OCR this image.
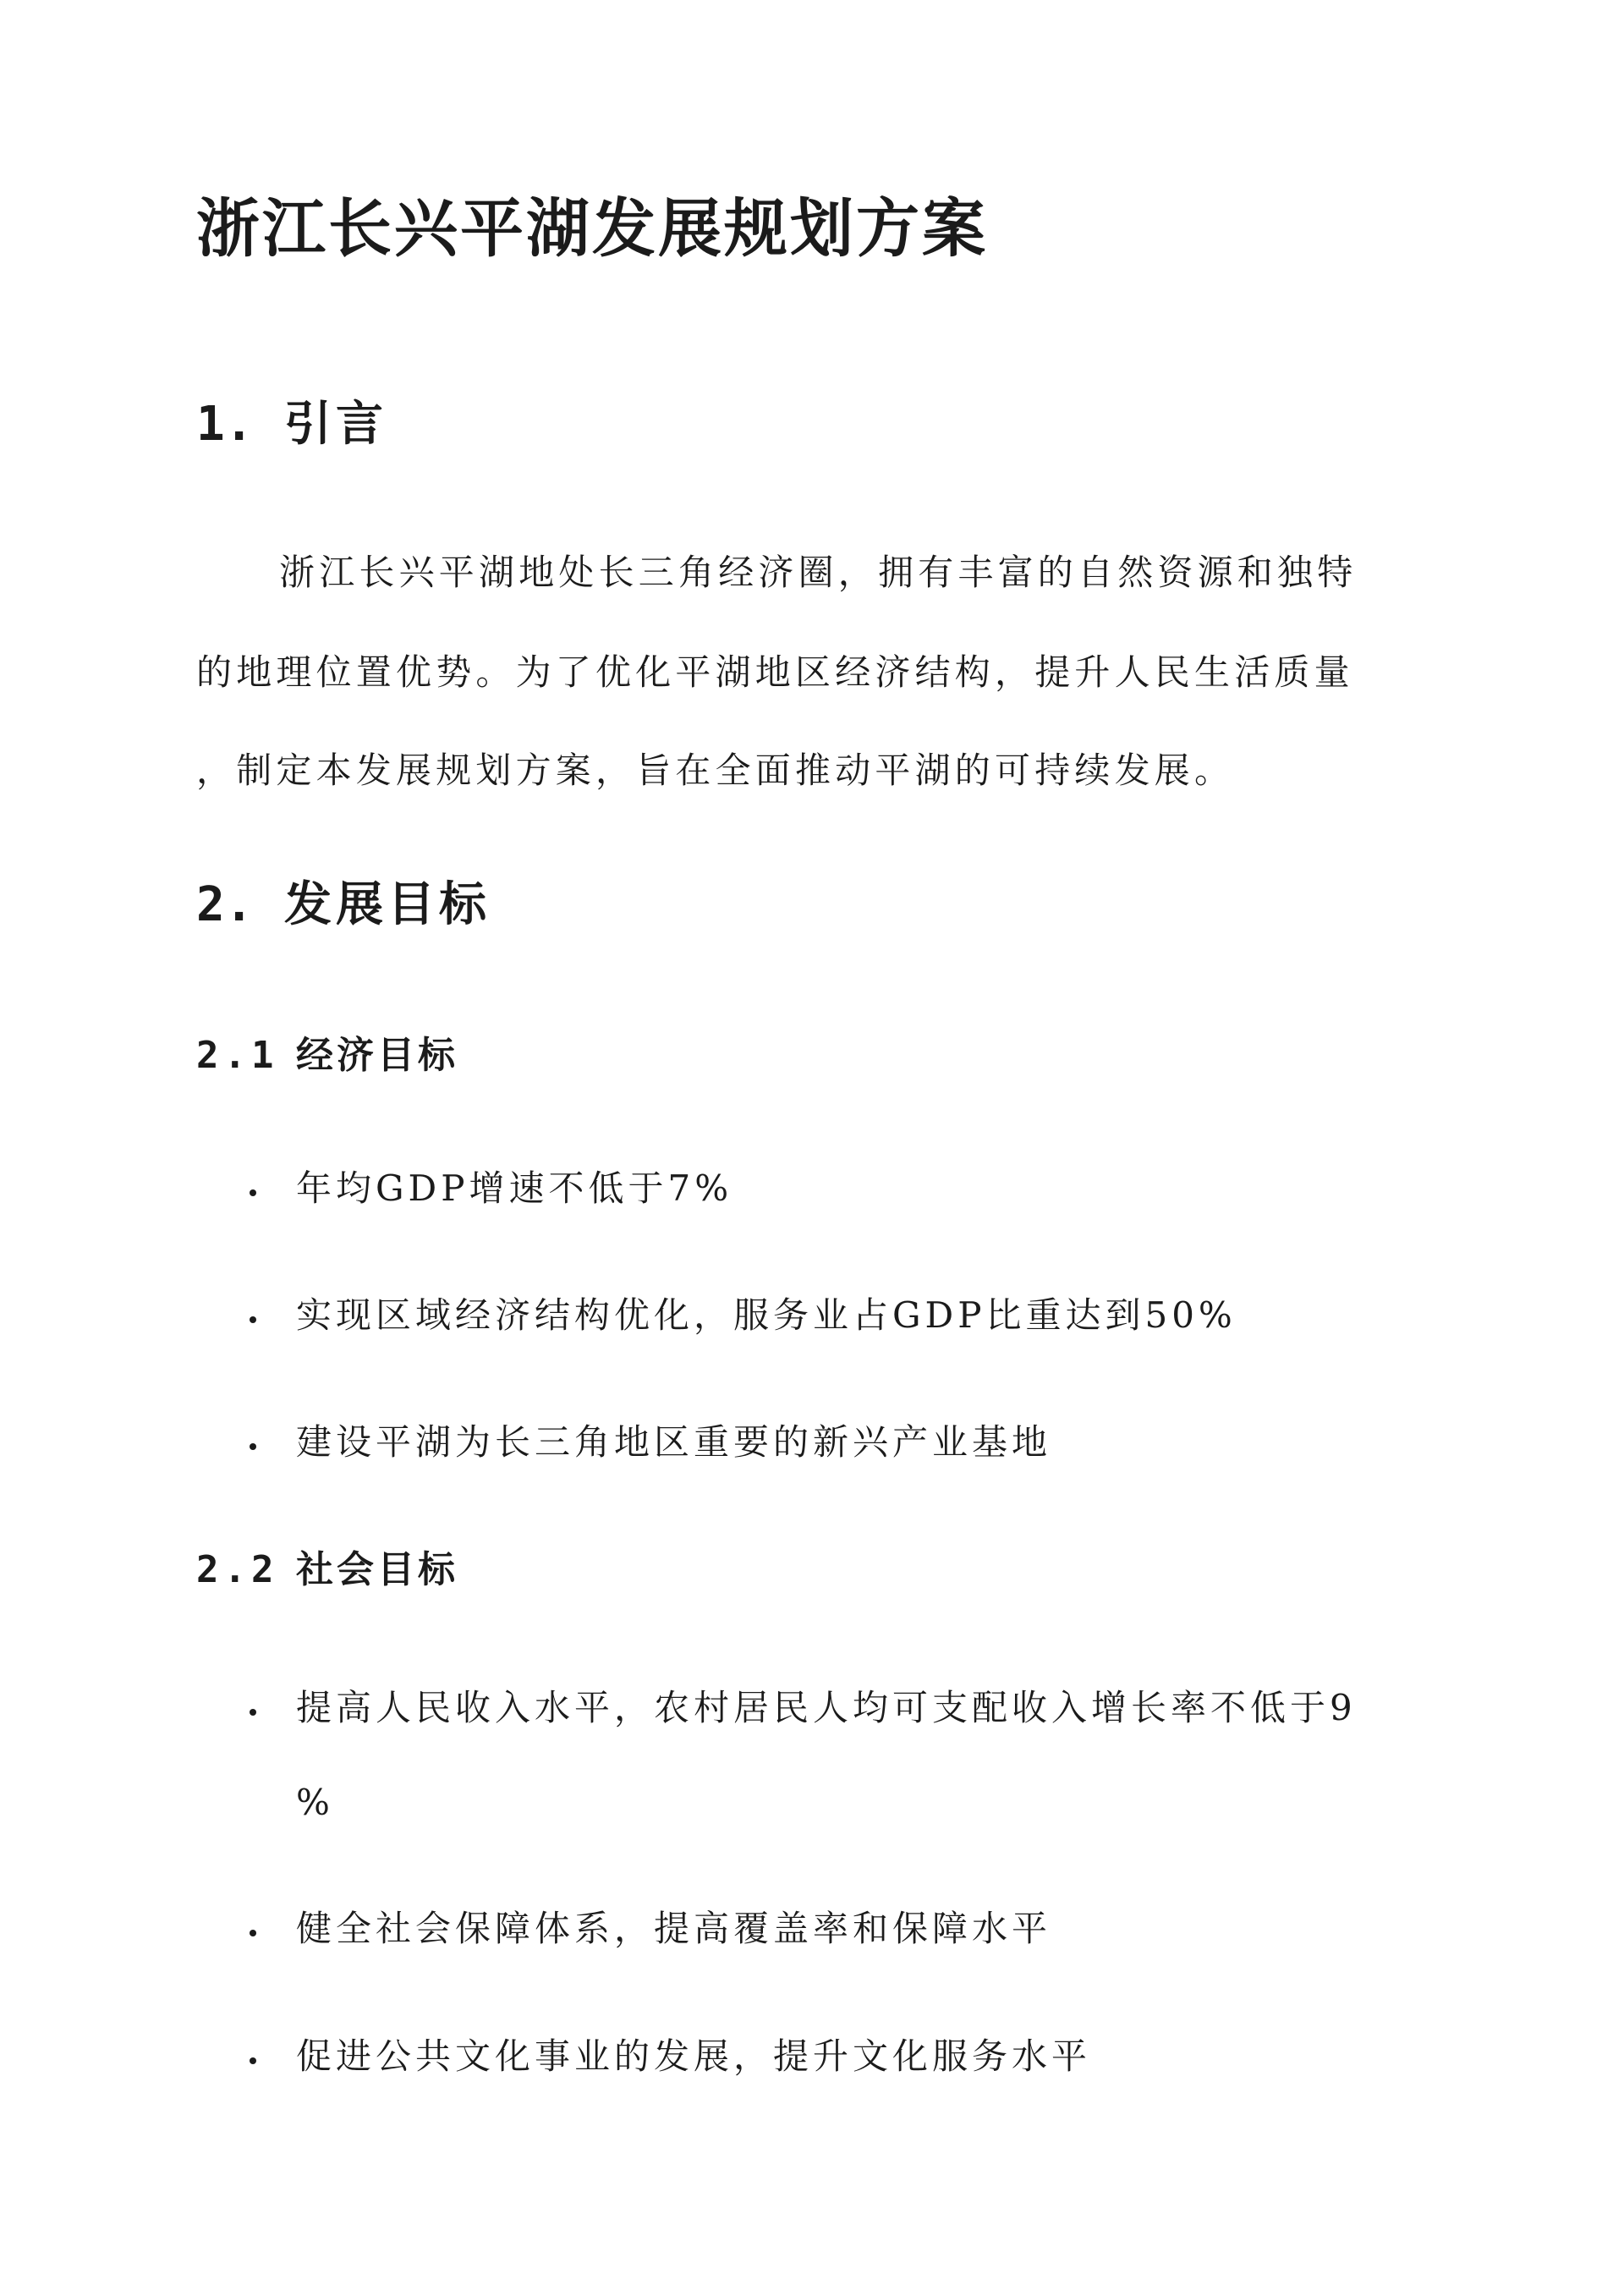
浙江长兴平湖发展规划方案
1. 引言

浙江长兴平湖地处长三角经济圈，拥有丰富的自然资源和独特

的地理位置优势。为了优化平湖地区经济结构，提升人民生活质量

，制定本发展规划方案，旨在全面推动平湖的可持续发展。

2. 发展目标
2.1 经济目标
年均GDP增速不低于7%
实现区域经济结构优化，服务业占GDP比重达到50%
建设平湖为长三角地区重要的新兴产业基地
2.2 社会目标
提高人民收入水平，农村居民人均可支配收入增长率不低于9
%
健全社会保障体系，提高覆盖率和保障水平
促进公共文化事业的发展，提升文化服务水平
